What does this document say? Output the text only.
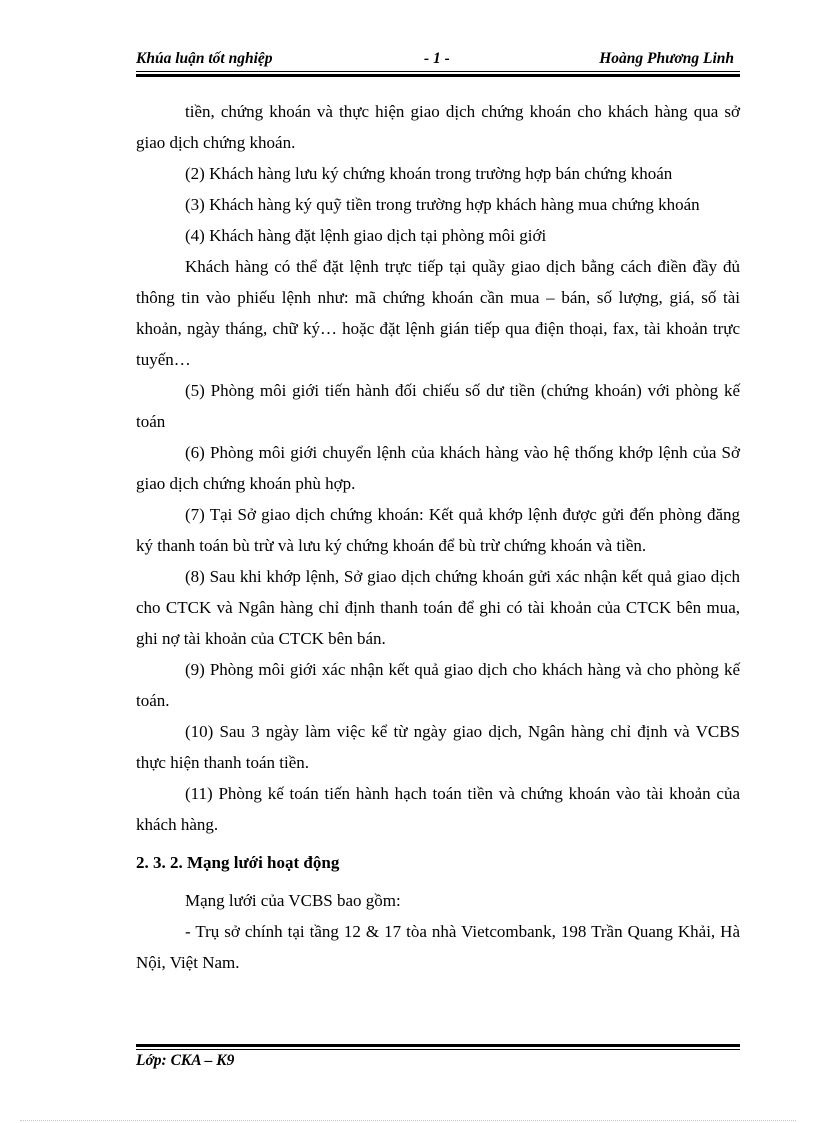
Khúa luận tốt nghiệp	- 1 -	Hoàng Phương Linh

tiền, chứng khoán và thực hiện giao dịch chứng khoán cho khách hàng qua sở giao dịch chứng khoán.

(2) Khách hàng lưu ký chứng khoán trong trường hợp bán chứng khoán

(3) Khách hàng ký quỹ tiền trong trường hợp khách hàng mua chứng khoán

(4) Khách hàng đặt lệnh giao dịch tại phòng môi giới

Khách hàng có thể đặt lệnh trực tiếp tại quầy giao dịch bằng cách điền đầy đủ thông tin vào phiếu lệnh như: mã chứng khoán cần mua – bán, số lượng, giá, số tài khoản, ngày tháng, chữ ký… hoặc đặt lệnh gián tiếp qua điện thoại, fax, tài khoản trực tuyến…

(5) Phòng môi giới tiến hành đối chiếu số dư tiền (chứng khoán) với phòng kế toán

(6) Phòng môi giới chuyển lệnh của khách hàng vào hệ thống khớp lệnh của Sở giao dịch chứng khoán phù hợp.

(7) Tại Sở giao dịch chứng khoán: Kết quả khớp lệnh được gửi đến phòng đăng ký thanh toán bù trừ và lưu ký chứng khoán để bù trừ chứng khoán và tiền.

(8) Sau khi khớp lệnh, Sở giao dịch chứng khoán gửi xác nhận kết quả giao dịch cho CTCK và Ngân hàng chỉ định thanh toán để ghi có tài khoản của CTCK bên mua, ghi nợ tài khoản của CTCK bên bán.

(9) Phòng môi giới xác nhận kết quả giao dịch cho khách hàng và cho phòng kế toán.

(10) Sau 3 ngày làm việc kể từ ngày giao dịch, Ngân hàng chỉ định và VCBS thực hiện thanh toán tiền.

(11) Phòng kế toán tiến hành hạch toán tiền và chứng khoán vào tài khoản của khách hàng.

2. 3. 2. Mạng lưới hoạt động

Mạng lưới của VCBS bao gồm:

- Trụ sở chính tại tầng 12 & 17 tòa nhà Vietcombank, 198 Trần Quang Khải, Hà Nội, Việt Nam.

Lớp: CKA – K9
